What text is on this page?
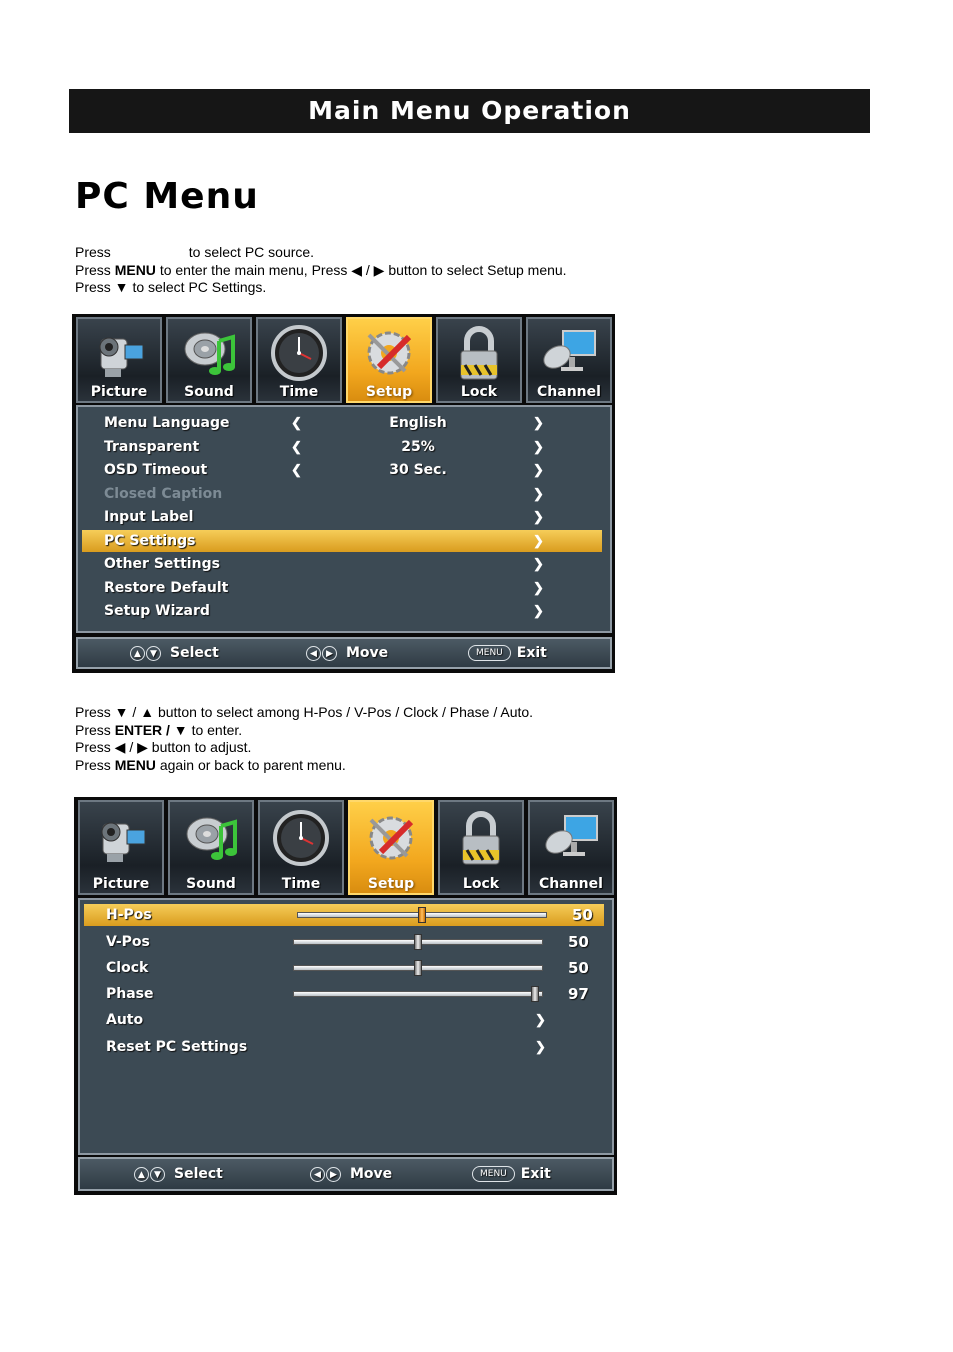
Main Menu Operation
PC Menu
Press	to select PC source.
Press MENU to enter the main menu, Press ◀ / ▶ button to select Setup menu.
Press ▼ to select PC Settings.
Picture	Sound	Time	Setup	Lock	Channel
Menu Language	❮	English	❯
Transparent	❮	25%	❯
OSD Timeout	❮	30 Sec.	❯
Closed Caption	❯
Input Label	❯
PC Settings	❯
Other Settings	❯
Restore Default	❯
Setup Wizard	❯
▲ ▼ Select	◀ ▶ Move	MENU Exit
Press ▼ / ▲ button to select among H-Pos / V-Pos / Clock / Phase / Auto.
Press ENTER / ▼ to enter.
Press ◀ / ▶ button to adjust.
Press MENU again or back to parent menu.
Picture	Sound	Time	Setup	Lock	Channel
H-Pos	50
V-Pos	50
Clock	50
Phase	97
Auto	❯
Reset PC Settings	❯
▲ ▼ Select	◀ ▶ Move	MENU Exit
